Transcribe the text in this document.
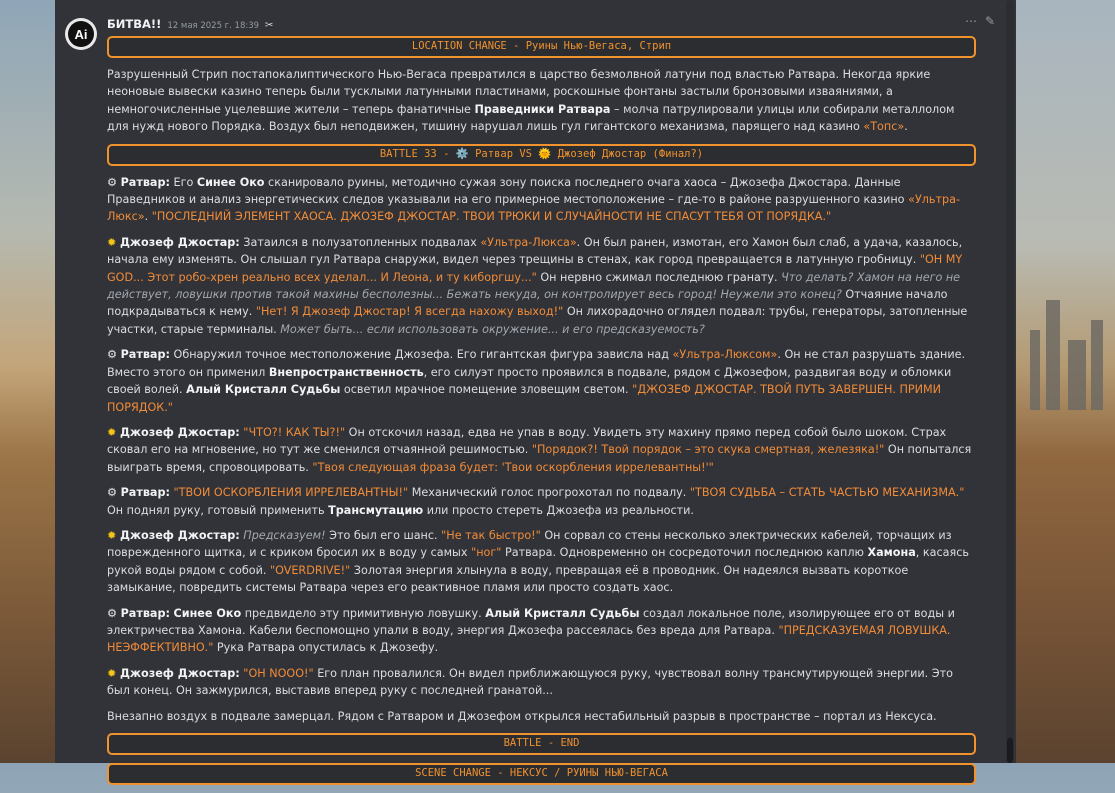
Ai
БИТВА!! 12 мая 2025 г. 18:39 ✂	⋯ ✎
LOCATION CHANGE - Руины Нью-Вегаса, Стрип
Разрушенный Стрип постапокалиптического Нью-Вегаса превратился в царство безмолвной латуни под властью Ратвара. Некогда яркие неоновые вывески казино теперь были тусклыми латунными пластинами, роскошные фонтаны застыли бронзовыми изваяниями, а немногочисленные уцелевшие жители – теперь фанатичные Праведники Ратвара – молча патрулировали улицы или собирали металлолом для нужд нового Порядка. Воздух был неподвижен, тишину нарушал лишь гул гигантского механизма, парящего над казино «Топс».
BATTLE 33 - ⚙️ Ратвар VS 🌞 Джозеф Джостар (Финал?)
⚙ Ратвар: Его Синее Око сканировало руины, методично сужая зону поиска последнего очага хаоса – Джозефа Джостара. Данные Праведников и анализ энергетических следов указывали на его примерное местоположение – где-то в районе разрушенного казино «Ультра-Люкс». "ПОСЛЕДНИЙ ЭЛЕМЕНТ ХАОСА. ДЖОЗЕФ ДЖОСТАР. ТВОИ ТРЮКИ И СЛУЧАЙНОСТИ НЕ СПАСУТ ТЕБЯ ОТ ПОРЯДКА."
✹ Джозеф Джостар: Затаился в полузатопленных подвалах «Ультра-Люкса». Он был ранен, измотан, его Хамон был слаб, а удача, казалось, начала ему изменять. Он слышал гул Ратвара снаружи, видел через трещины в стенах, как город превращается в латунную гробницу. "OH MY GOD... Этот робо-хрен реально всех уделал... И Леона, и ту киборгшу..." Он нервно сжимал последнюю гранату. Что делать? Хамон на него не действует, ловушки против такой махины бесполезны... Бежать некуда, он контролирует весь город! Неужели это конец? Отчаяние начало подкрадываться к нему. "Нет! Я Джозеф Джостар! Я всегда нахожу выход!" Он лихорадочно оглядел подвал: трубы, генераторы, затопленные участки, старые терминалы. Может быть... если использовать окружение... и его предсказуемость?
⚙ Ратвар: Обнаружил точное местоположение Джозефа. Его гигантская фигура зависла над «Ультра-Люксом». Он не стал разрушать здание. Вместо этого он применил Внепространственность, его силуэт просто проявился в подвале, рядом с Джозефом, раздвигая воду и обломки своей волей. Алый Кристалл Судьбы осветил мрачное помещение зловещим светом. "ДЖОЗЕФ ДЖОСТАР. ТВОЙ ПУТЬ ЗАВЕРШЕН. ПРИМИ ПОРЯДОК."
✹ Джозеф Джостар: "ЧТО?! КАК ТЫ?!" Он отскочил назад, едва не упав в воду. Увидеть эту махину прямо перед собой было шоком. Страх сковал его на мгновение, но тут же сменился отчаянной решимостью. "Порядок?! Твой порядок – это скука смертная, железяка!" Он попытался выиграть время, спровоцировать. "Твоя следующая фраза будет: 'Твои оскорбления иррелевантны!'"
⚙ Ратвар: "ТВОИ ОСКОРБЛЕНИЯ ИРРЕЛЕВАНТНЫ!" Механический голос прогрохотал по подвалу. "ТВОЯ СУДЬБА – СТАТЬ ЧАСТЬЮ МЕХАНИЗМА." Он поднял руку, готовый применить Трансмутацию или просто стереть Джозефа из реальности.
✹ Джозеф Джостар: Предсказуем! Это был его шанс. "Не так быстро!" Он сорвал со стены несколько электрических кабелей, торчащих из поврежденного щитка, и с криком бросил их в воду у самых "ног" Ратвара. Одновременно он сосредоточил последнюю каплю Хамона, касаясь рукой воды рядом с собой. "OVERDRIVE!" Золотая энергия хлынула в воду, превращая её в проводник. Он надеялся вызвать короткое замыкание, повредить системы Ратвара через его реактивное пламя или просто создать хаос.
⚙ Ратвар: Синее Око предвидело эту примитивную ловушку. Алый Кристалл Судьбы создал локальное поле, изолирующее его от воды и электричества Хамона. Кабели беспомощно упали в воду, энергия Джозефа рассеялась без вреда для Ратвара. "ПРЕДСКАЗУЕМАЯ ЛОВУШКА. НЕЭФФЕКТИВНО." Рука Ратвара опустилась к Джозефу.
✹ Джозеф Джостар: "OH NOOO!" Его план провалился. Он видел приближающуюся руку, чувствовал волну трансмутирующей энергии. Это был конец. Он зажмурился, выставив вперед руку с последней гранатой...
Внезапно воздух в подвале замерцал. Рядом с Ратваром и Джозефом открылся нестабильный разрыв в пространстве – портал из Нексуса.
BATTLE - END
SCENE CHANGE - НЕКСУС / РУИНЫ НЬЮ-ВЕГАСА
